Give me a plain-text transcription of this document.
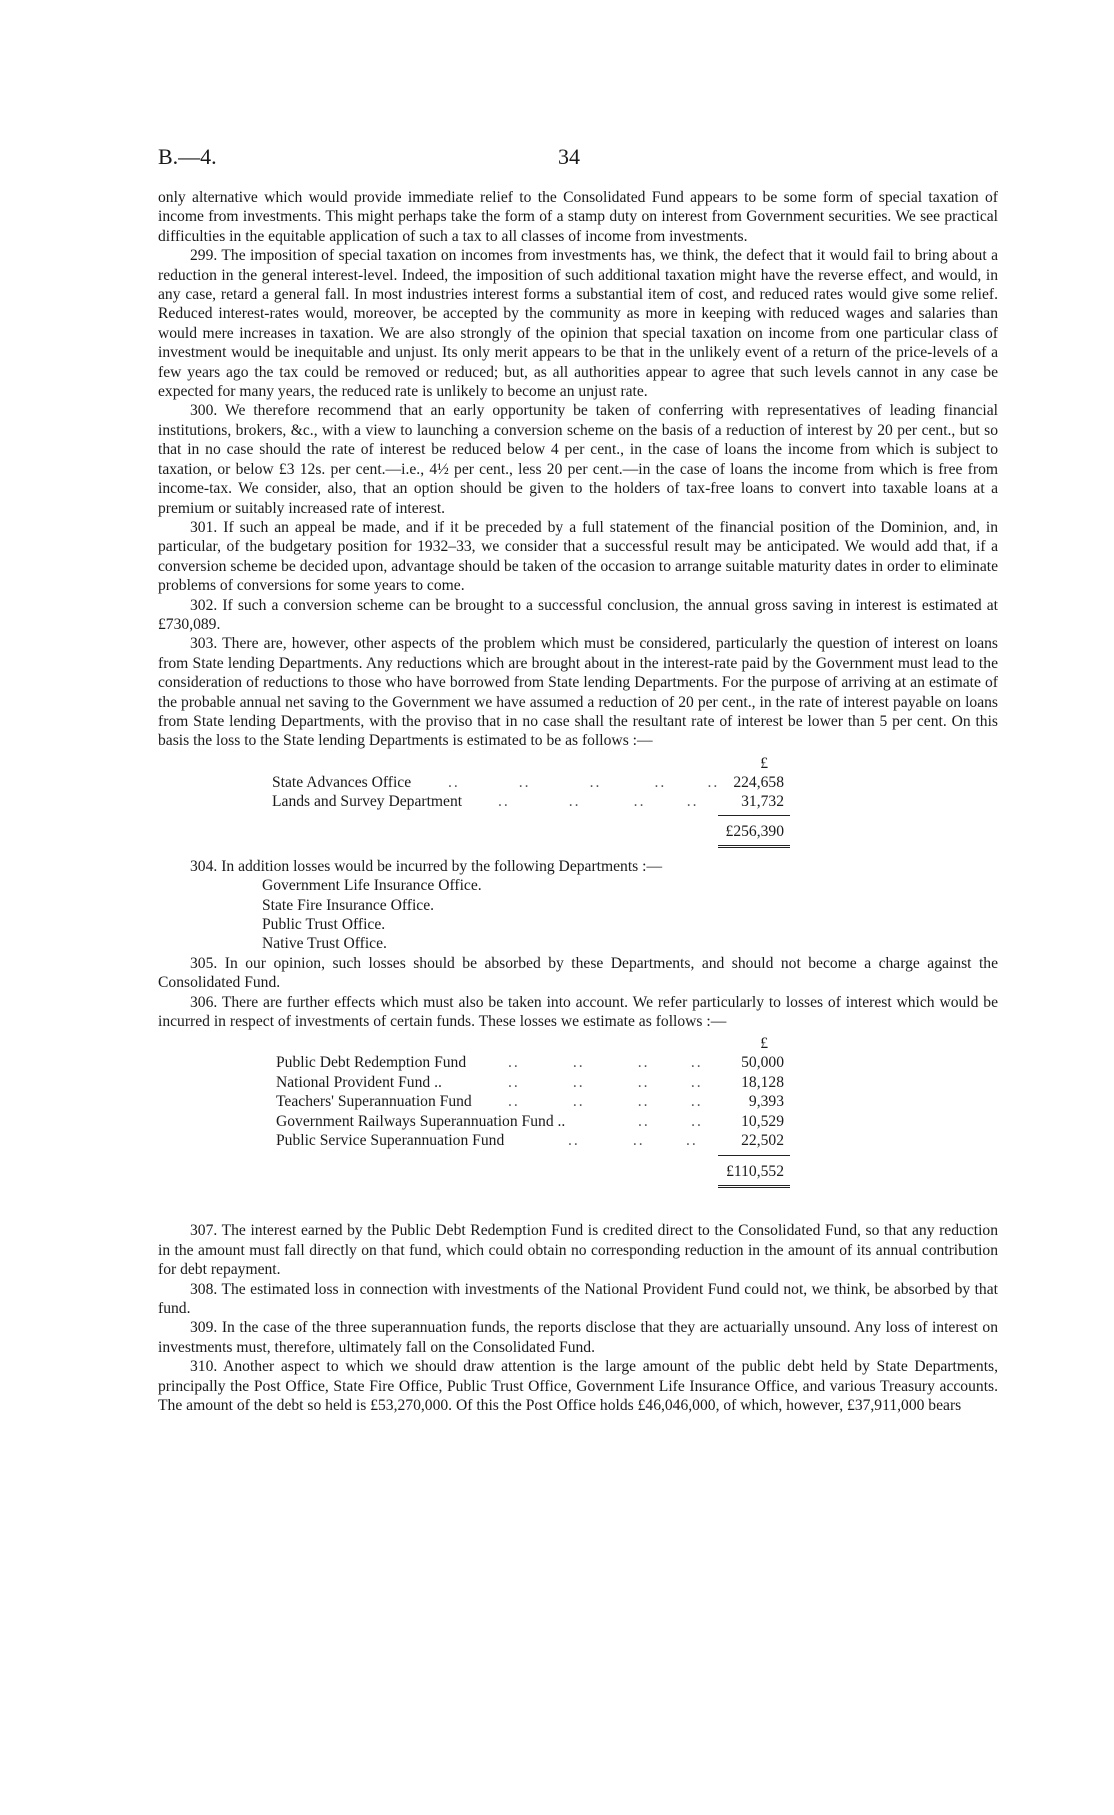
B.—4.	34

only alternative which would provide immediate relief to the Consolidated Fund appears to be some form of special taxation of income from investments. This might perhaps take the form of a stamp duty on interest from Government securities. We see practical difficulties in the equitable application of such a tax to all classes of income from investments.

299. The imposition of special taxation on incomes from investments has, we think, the defect that it would fail to bring about a reduction in the general interest-level. Indeed, the imposition of such additional taxation might have the reverse effect, and would, in any case, retard a general fall. In most industries interest forms a substantial item of cost, and reduced rates would give some relief. Reduced interest-rates would, moreover, be accepted by the community as more in keeping with reduced wages and salaries than would mere increases in taxation. We are also strongly of the opinion that special taxation on income from one particular class of investment would be inequitable and unjust. Its only merit appears to be that in the unlikely event of a return of the price-levels of a few years ago the tax could be removed or reduced; but, as all authorities appear to agree that such levels cannot in any case be expected for many years, the reduced rate is unlikely to become an unjust rate.

300. We therefore recommend that an early opportunity be taken of conferring with representatives of leading financial institutions, brokers, &c., with a view to launching a conversion scheme on the basis of a reduction of interest by 20 per cent., but so that in no case should the rate of interest be reduced below 4 per cent., in the case of loans the income from which is subject to taxation, or below £3 12s. per cent.—i.e., 4½ per cent., less 20 per cent.—in the case of loans the income from which is free from income-tax. We consider, also, that an option should be given to the holders of tax-free loans to convert into taxable loans at a premium or suitably increased rate of interest.

301. If such an appeal be made, and if it be preceded by a full statement of the financial position of the Dominion, and, in particular, of the budgetary position for 1932–33, we consider that a successful result may be anticipated. We would add that, if a conversion scheme be decided upon, advantage should be taken of the occasion to arrange suitable maturity dates in order to eliminate problems of conversions for some years to come.

302. If such a conversion scheme can be brought to a successful conclusion, the annual gross saving in interest is estimated at £730,089.

303. There are, however, other aspects of the problem which must be considered, particularly the question of interest on loans from State lending Departments. Any reductions which are brought about in the interest-rate paid by the Government must lead to the consideration of reductions to those who have borrowed from State lending Departments. For the purpose of arriving at an estimate of the probable annual net saving to the Government we have assumed a reduction of 20 per cent., in the rate of interest payable on loans from State lending Departments, with the proviso that in no case shall the resultant rate of interest be lower than 5 per cent. On this basis the loss to the State lending Departments is estimated to be as follows :—

£
State Advances Office ..          ..          ..         ..       .. 224,658
Lands and Survey Department ..          ..         ..       ..	31,732
£256,390

304. In addition losses would be incurred by the following Departments :—

Government Life Insurance Office.
State Fire Insurance Office.
Public Trust Office.
Native Trust Office.

305. In our opinion, such losses should be absorbed by these Departments, and should not become a charge against the Consolidated Fund.

306. There are further effects which must also be taken into account. We refer particularly to losses of interest which would be incurred in respect of investments of certain funds. These losses we estimate as follows :—

£
Public Debt Redemption Fund	..         ..         ..       ..	50,000
National Provident Fund ..	..         ..         ..       ..	18,128
Teachers' Superannuation Fund ..         ..         ..       ..	9,393
Government Railways Superannuation Fund ..	..       ..	10,529
Public Service Superannuation Fund	..         ..       ..	22,502
£110,552

307. The interest earned by the Public Debt Redemption Fund is credited direct to the Consolidated Fund, so that any reduction in the amount must fall directly on that fund, which could obtain no corresponding reduction in the amount of its annual contribution for debt repayment.

308. The estimated loss in connection with investments of the National Provident Fund could not, we think, be absorbed by that fund.

309. In the case of the three superannuation funds, the reports disclose that they are actuarially unsound. Any loss of interest on investments must, therefore, ultimately fall on the Consolidated Fund.

310. Another aspect to which we should draw attention is the large amount of the public debt held by State Departments, principally the Post Office, State Fire Office, Public Trust Office, Government Life Insurance Office, and various Treasury accounts. The amount of the debt so held is £53,270,000. Of this the Post Office holds £46,046,000, of which, however, £37,911,000 bears
